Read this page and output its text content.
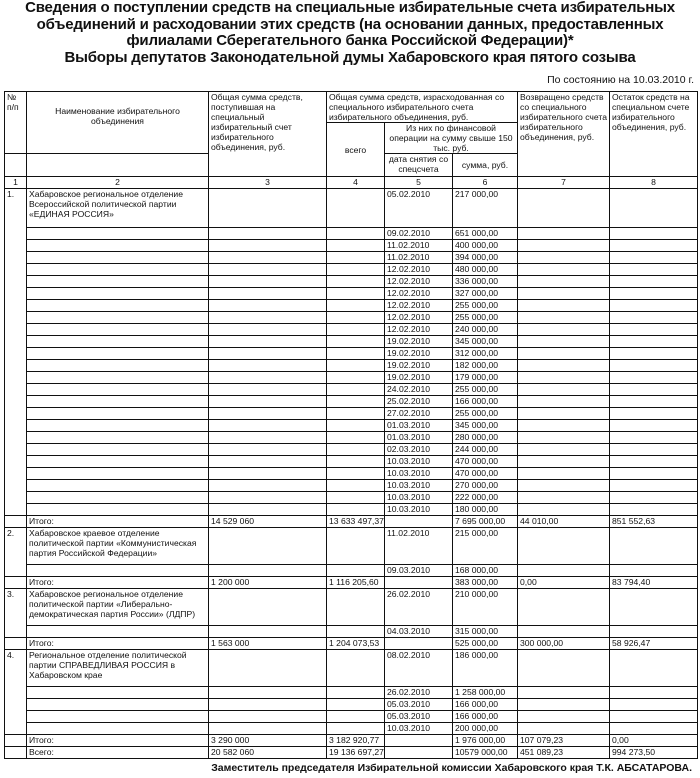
Сведения о поступлении средств на специальные избирательные счета избирательных
объединений и расходовании этих средств (на основании данных, предоставленных
филиалами Сберегательного банка Российской Федерации)*
Выборы депутатов Законодательной думы Хабаровского края пятого созыва
По состоянию на 10.03.2010 г.
№ п/п	Наименование избирательного объединения	Общая сумма средств, поступившая на специальный избирательный счет избирательного объединения, руб.	Общая сумма средств, израсходованная со специального избирательного счета избирательного объединения, руб.			Возвращено средств со специального избирательного счета избирательного объединения, руб.	Остаток средств на специальном счете избирательного объединения, руб.
			всего	Из них по финансовой операции на сумму свыше 150 тыс. руб.			
				дата снятия со спецсчета	сумма, руб.		
1	2	3	4	5	6	7	8
1.	Хабаровское региональное отделение Всероссийской политической партии «ЕДИНАЯ РОССИЯ»			05.02.2010	217 000,00		
				09.02.2010	651 000,00		
				11.02.2010	400 000,00		
				11.02.2010	394 000,00		
				12.02.2010	480 000,00		
				12.02.2010	336 000,00		
				12.02.2010	327 000,00		
				12.02.2010	255 000,00		
				12.02.2010	255 000,00		
				12.02.2010	240 000,00		
				19.02.2010	345 000,00		
				19.02.2010	312 000,00		
				19.02.2010	182 000,00		
				19.02.2010	179 000,00		
				24.02.2010	255 000,00		
				25.02.2010	166 000,00		
				27.02.2010	255 000,00		
				01.03.2010	345 000,00		
				01.03.2010	280 000,00		
				02.03.2010	244 000,00		
				10.03.2010	470 000,00		
				10.03.2010	470 000,00		
				10.03.2010	270 000,00		
				10.03.2010	222 000,00		
				10.03.2010	180 000,00		
	Итого:	14 529 060	13 633 497,37		7 695 000,00	44 010,00	851 552,63
2.	Хабаровское краевое отделение политической партии «Коммунистическая партия Российской Федерации»			11.02.2010	215 000,00		
				09.03.2010	168 000,00		
	Итого:	1 200 000	1 116 205,60		383 000,00	0,00	83 794,40
3.	Хабаровское региональное отделение политической партии «Либерально-демократическая партия России» (ЛДПР)			26.02.2010	210 000,00		
				04.03.2010	315 000,00		
	Итого:	1 563 000	1 204 073,53		525 000,00	300 000,00	58 926,47
4.	Региональное отделение политической партии СПРАВЕДЛИВАЯ РОССИЯ в Хабаровском крае			08.02.2010	186 000,00		
				26.02.2010	1 258 000,00		
				05.03.2010	166 000,00		
				05.03.2010	166 000,00		
				10.03.2010	200 000,00		
	Итого:	3 290 000	3 182 920,77		1 976 000,00	107 079,23	0,00
	Всего:	20 582 060	19 136 697,27		10579 000,00	451 089,23	994 273,50
Заместитель председателя Избирательной комиссии Хабаровского края Т.К. АБСАТАРОВА.
